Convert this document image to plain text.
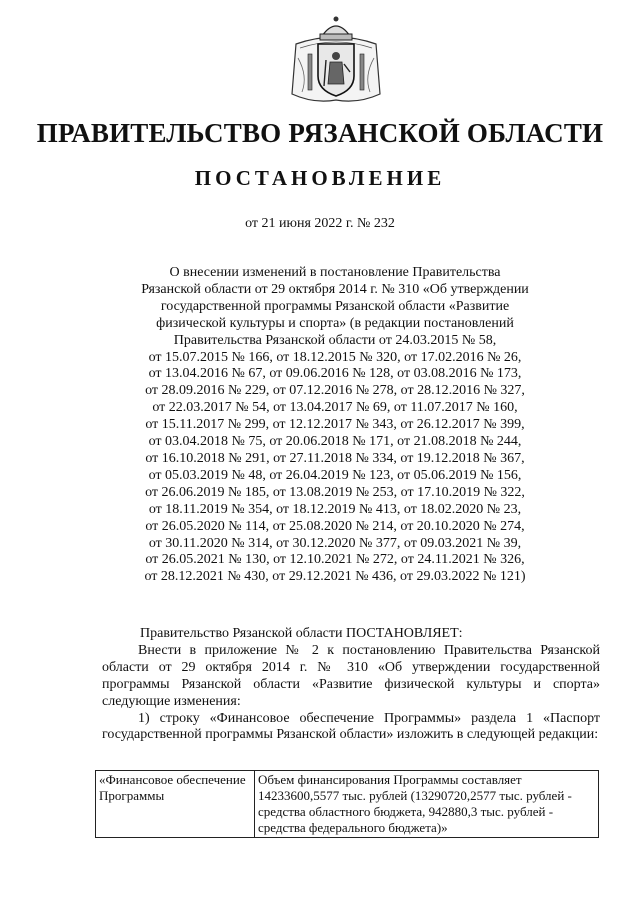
ПРАВИТЕЛЬСТВО РЯЗАНСКОЙ ОБЛАСТИ
ПОСТАНОВЛЕНИЕ
от 21 июня 2022 г. № 232
О внесении изменений в постановление Правительства
Рязанской области от 29 октября 2014 г. № 310 «Об утверждении
государственной программы Рязанской области «Развитие
физической культуры и спорта» (в редакции постановлений
Правительства Рязанской области от 24.03.2015 № 58,
от 15.07.2015 № 166, от 18.12.2015 № 320, от 17.02.2016 № 26,
от 13.04.2016 № 67, от 09.06.2016 № 128, от 03.08.2016 № 173,
от 28.09.2016 № 229, от 07.12.2016 № 278, от 28.12.2016 № 327,
от 22.03.2017 № 54, от 13.04.2017 № 69, от 11.07.2017 № 160,
от 15.11.2017 № 299, от 12.12.2017 № 343, от 26.12.2017 № 399,
от 03.04.2018 № 75, от 20.06.2018 № 171, от 21.08.2018 № 244,
от 16.10.2018 № 291, от 27.11.2018 № 334, от 19.12.2018 № 367,
от 05.03.2019 № 48, от 26.04.2019 № 123, от 05.06.2019 № 156,
от 26.06.2019 № 185, от 13.08.2019 № 253, от 17.10.2019 № 322,
от 18.11.2019 № 354, от 18.12.2019 № 413, от 18.02.2020 № 23,
от 26.05.2020 № 114, от 25.08.2020 № 214, от 20.10.2020 № 274,
от 30.11.2020 № 314, от 30.12.2020 № 377, от 09.03.2021 № 39,
от 26.05.2021 № 130, от 12.10.2021 № 272, от 24.11.2021 № 326,
от 28.12.2021 № 430, от 29.12.2021 № 436, от 29.03.2022 № 121)

Правительство Рязанской области ПОСТАНОВЛЯЕТ:

Внести в приложение № 2 к постановлению Правительства Рязанской области от 29 октября 2014 г. № 310 «Об утверждении государственной программы Рязанской области «Развитие физической культуры и спорта» следующие изменения:

1) строку «Финансовое обеспечение Программы» раздела 1 «Паспорт государственной программы Рязанской области» изложить в следующей редакции:

«Финансовое обеспечение Программы	Объем финансирования Программы составляет 14233600,5577 тыс. рублей (13290720,2577 тыс. рублей - средства областного бюджета, 942880,3 тыс. рублей - средства федерального бюджета)»
